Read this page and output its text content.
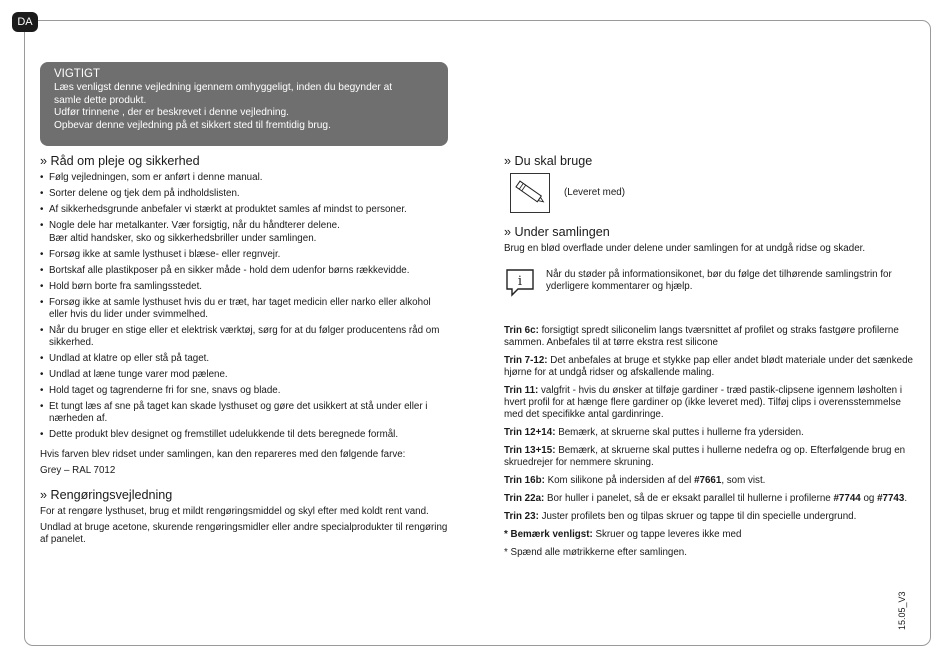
DA
VIGTIGT
Læs venligst denne vejledning igennem omhyggeligt, inden du begynder at
samle dette produkt.
Udfør trinnene , der er beskrevet i denne vejledning.
Opbevar denne vejledning på et sikkert sted til fremtidig brug.
» Råd om pleje og sikkerhed
• Følg vejledningen, som er anført i denne manual.
• Sorter delene og tjek dem på indholdslisten.
• Af sikkerhedsgrunde anbefaler vi stærkt at produktet samles af mindst to personer.
• Nogle dele har metalkanter. Vær forsigtig, når du håndterer delene.
Bær altid handsker, sko og sikkerhedsbriller under samlingen.
• Forsøg ikke at samle lysthuset i blæse- eller regnvejr.
• Bortskaf alle plastikposer på en sikker måde - hold dem udenfor børns rækkevidde.
• Hold børn borte fra samlingsstedet.
• Forsøg ikke at samle lysthuset hvis du er træt, har taget medicin eller narko eller alkohol eller hvis du lider under svimmelhed.
• Når du bruger en stige eller et elektrisk værktøj, sørg for at du følger producentens råd om sikkerhed.
• Undlad at klatre op eller stå på taget.
• Undlad at læne tunge varer mod pælene.
• Hold taget og tagrenderne fri for sne, snavs og blade.
• Et tungt læs af sne på taget kan skade lysthuset og gøre det usikkert at stå under eller i nærheden af.
• Dette produkt blev designet og fremstillet udelukkende til dets beregnede formål.
Hvis farven blev ridset under samlingen, kan den repareres med den følgende farve:
Grey – RAL 7012
» Rengøringsvejledning
For at rengøre lysthuset, brug et mildt rengøringsmiddel og skyl efter med koldt rent vand.
Undlad at bruge acetone, skurende rengøringsmidler eller andre specialprodukter til rengøring af panelet.
» Du skal bruge
(Leveret med)
» Under samlingen
Brug en blød overflade under delene under samlingen for at undgå ridse og skader.
i Når du støder på informationsikonet, bør du følge det tilhørende samlingstrin for yderligere kommentarer og hjælp.
Trin 6c: forsigtigt spredt siliconelim langs tværsnittet af profilet og straks fastgøre profilerne sammen. Anbefales til at tørre ekstra rest silicone
Trin 7-12: Det anbefales at bruge et stykke pap eller andet blødt materiale under det sænkede hjørne for at undgå ridser og afskallende maling.
Trin 11: valgfrit - hvis du ønsker at tilføje gardiner - træd pastik-clipsene igennem løsholten i hvert profil for at hænge flere gardiner op (ikke leveret med). Tilføj clips i overensstemmelse med det specifikke antal gardinringe.
Trin 12+14: Bemærk, at skruerne skal puttes i hullerne fra ydersiden.
Trin 13+15: Bemærk, at skruerne skal puttes i hullerne nedefra og op. Efterfølgende brug en skruedrejer for nemmere skruning.
Trin 16b: Kom silikone på indersiden af del #7661, som vist.
Trin 22a: Bor huller i panelet, så de er eksakt parallel til hullerne i profilerne #7744 og #7743.
Trin 23: Juster profilets ben og tilpas skruer og tappe til din specielle undergrund.
* Bemærk venligst: Skruer og tappe leveres ikke med
* Spænd alle møtrikkerne efter samlingen.
15.05_V3
